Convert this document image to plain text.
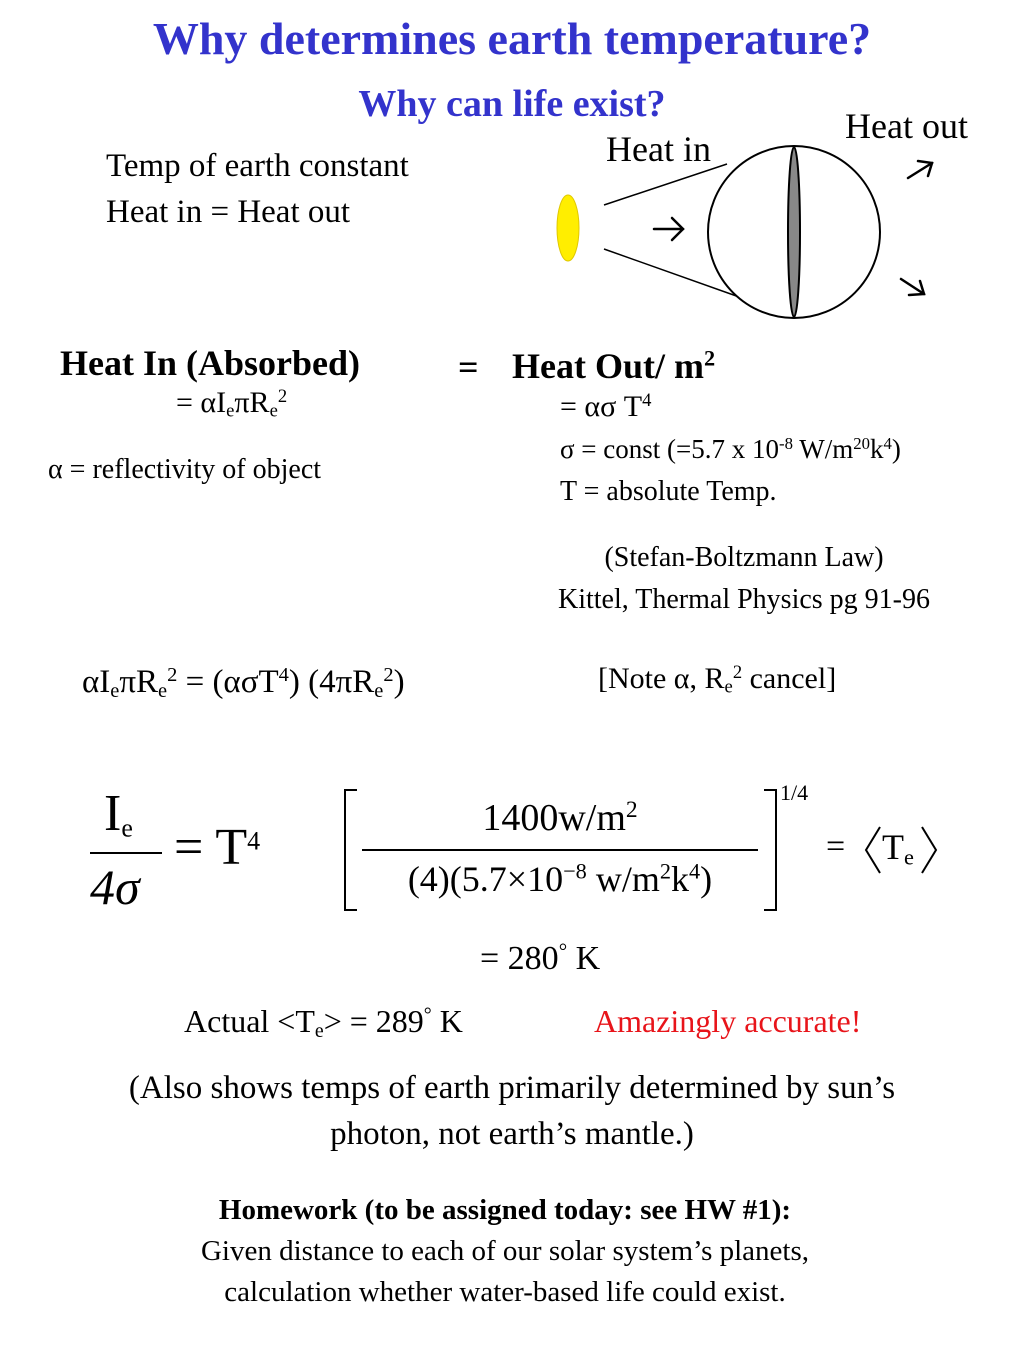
Why determines earth temperature?
Why can life exist?
Temp of earth constant
Heat in = Heat out
Heat in
Heat out
Heat In (Absorbed)	= Heat Out/ $m^2$
= $\alpha I_e\pi R_e^2$
α = reflectivity of object
= ασ $T^4$
σ = const (=5.7 x $10^{-8}$ $W/m^{20}k^4$)
T = absolute Temp.
(Stefan-Boltzmann Law)
Kittel, Thermal Physics pg 91-96
$\alpha I_e\pi R_e^2 = (\alpha\sigma T^4)$ $(4\pi R_e^2)$	[Note α, $R_e^2$ cancel]
$I_e$
4σ
= $T^4$
$1400w/m^2$
$(4)(5.7\times 10^{-8}$ $w/m^2k^4$)
1/4
= $T_e$
= 280° K
Actual $<T_e> = 289^\circ$ K	Amazingly accurate!
(Also shows temps of earth primarily determined by sun’s
photon, not earth’s mantle.)
Homework (to be assigned today: see HW #1):
Given distance to each of our solar system’s planets,
calculation whether water-based life could exist.
